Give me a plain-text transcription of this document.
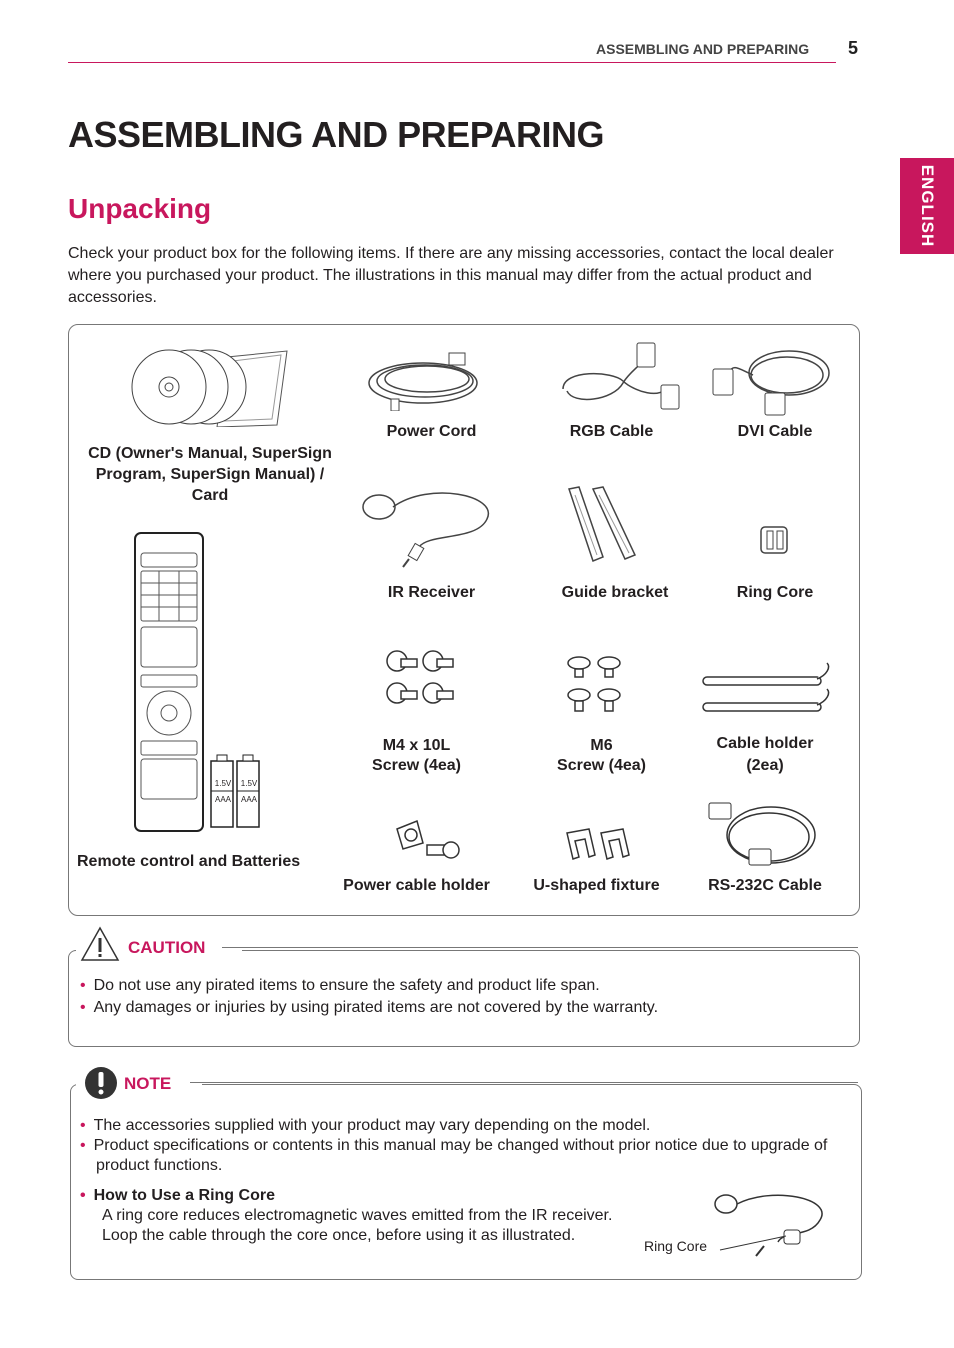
ASSEMBLING AND PREPARING 5
ENGLISH
ASSEMBLING AND PREPARING
Unpacking

Check your product box for the following items. If there are any missing accessories, contact the local dealer where you purchased your product. The illustrations in this manual may differ from the actual product and accessories.

CD (Owner's Manual, SuperSign Program, SuperSign Manual) / Card
Power Cord	RGB Cable	DVI Cable
IR Receiver	Guide bracket	Ring Core
1.5V
AAA
1.5V
AAA
Remote control and Batteries
M4 x 10L
Screw (4ea)
M6
Screw (4ea)
Cable holder
(2ea)
Power cable holder	U-shaped fixture	RS-232C Cable
CAUTION
• Do not use any pirated items to ensure the safety and product life span.
• Any damages or injuries by using pirated items are not covered by the warranty.
NOTE
• The accessories supplied with your product may vary depending on the model.
• Product specifications or contents in this manual may be changed without prior notice due to upgrade of product functions.
• How to Use a Ring Core
A ring core reduces electromagnetic waves emitted from the IR receiver.
Loop the cable through the core once, before using it as illustrated.
Ring Core
